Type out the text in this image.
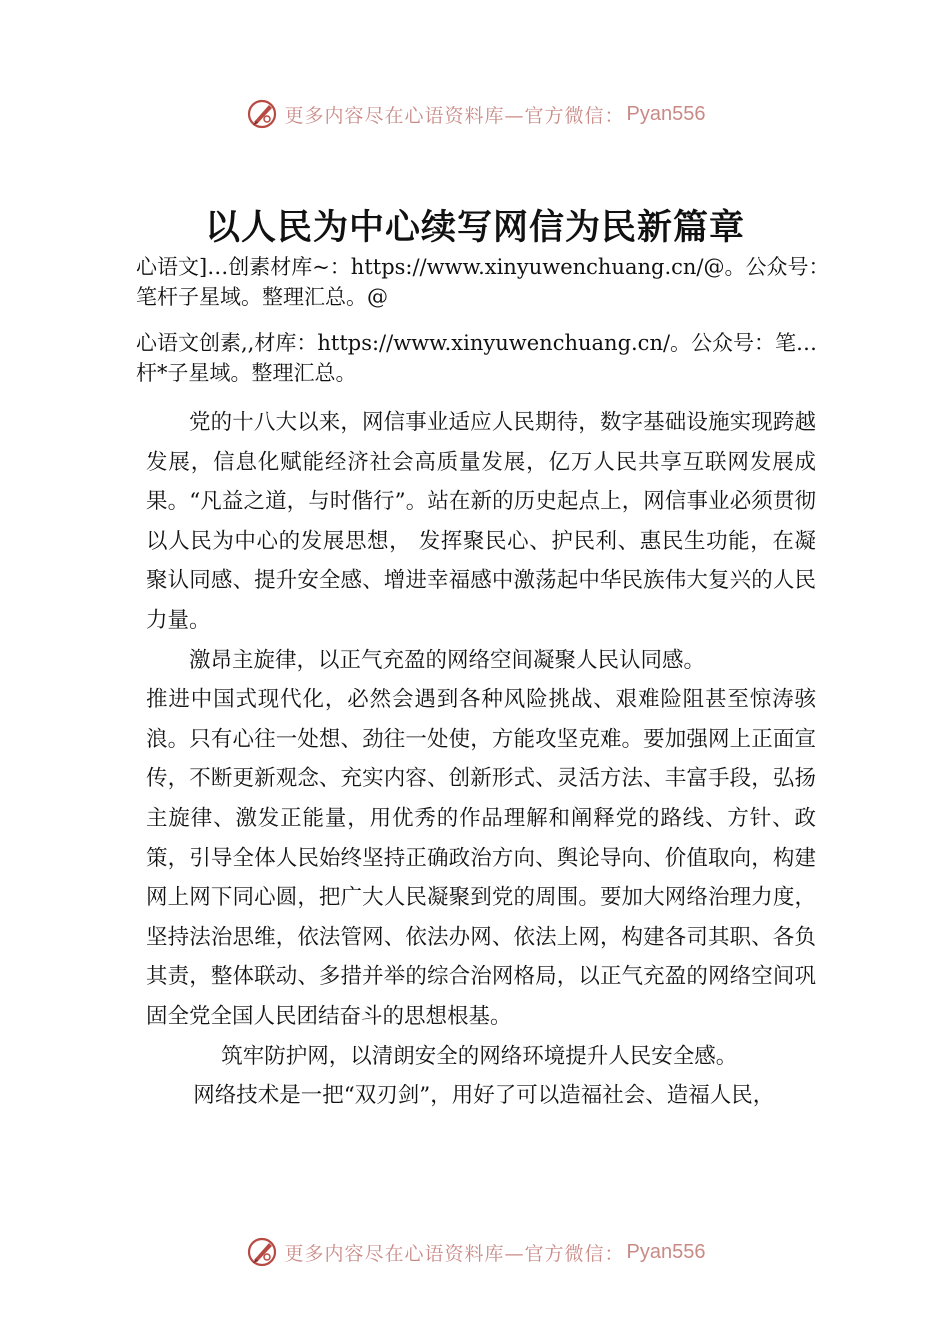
更多内容尽在心语资料库—官方微信： Pyan556
以人民为中心续写网信为民新篇章
心语文]…创素材库~：https://www.xinyuwenchuang.cn/@。公众号：笔杆子星域。整理汇总。@
心语文创素,,材库：https://www.xinyuwenchuang.cn/。公众号：笔…杆*子星域。整理汇总。

党的十八大以来，网信事业适应人民期待，数字基础设施实现跨越发展，信息化赋能经济社会高质量发展，亿万人民共享互联网发展成果。“凡益之道，与时偕行”。站在新的历史起点上，网信事业必须贯彻以人民为中心的发展思想， 发挥聚民心、护民利、惠民生功能，在凝聚认同感、提升安全感、增进幸福感中激荡起中华民族伟大复兴的人民力量。

激昂主旋律，以正气充盈的网络空间凝聚人民认同感。

推进中国式现代化，必然会遇到各种风险挑战、艰难险阻甚至惊涛骇浪。只有心往一处想、劲往一处使，方能攻坚克难。要加强网上正面宣传，不断更新观念、充实内容、创新形式、灵活方法、丰富手段，弘扬主旋律、激发正能量，用优秀的作品理解和阐释党的路线、方针、政策，引导全体人民始终坚持正确政治方向、舆论导向、价值取向，构建网上网下同心圆，把广大人民凝聚到党的周围。要加大网络治理力度， 坚持法治思维，依法管网、依法办网、依法上网，构建各司其职、各负其责，整体联动、多措并举的综合治网格局，以正气充盈的网络空间巩固全党全国人民团结奋斗的思想根基。

筑牢防护网，以清朗安全的网络环境提升人民安全感。

网络技术是一把“双刃剑”，用好了可以造福社会、造福人民，

更多内容尽在心语资料库—官方微信： Pyan556
